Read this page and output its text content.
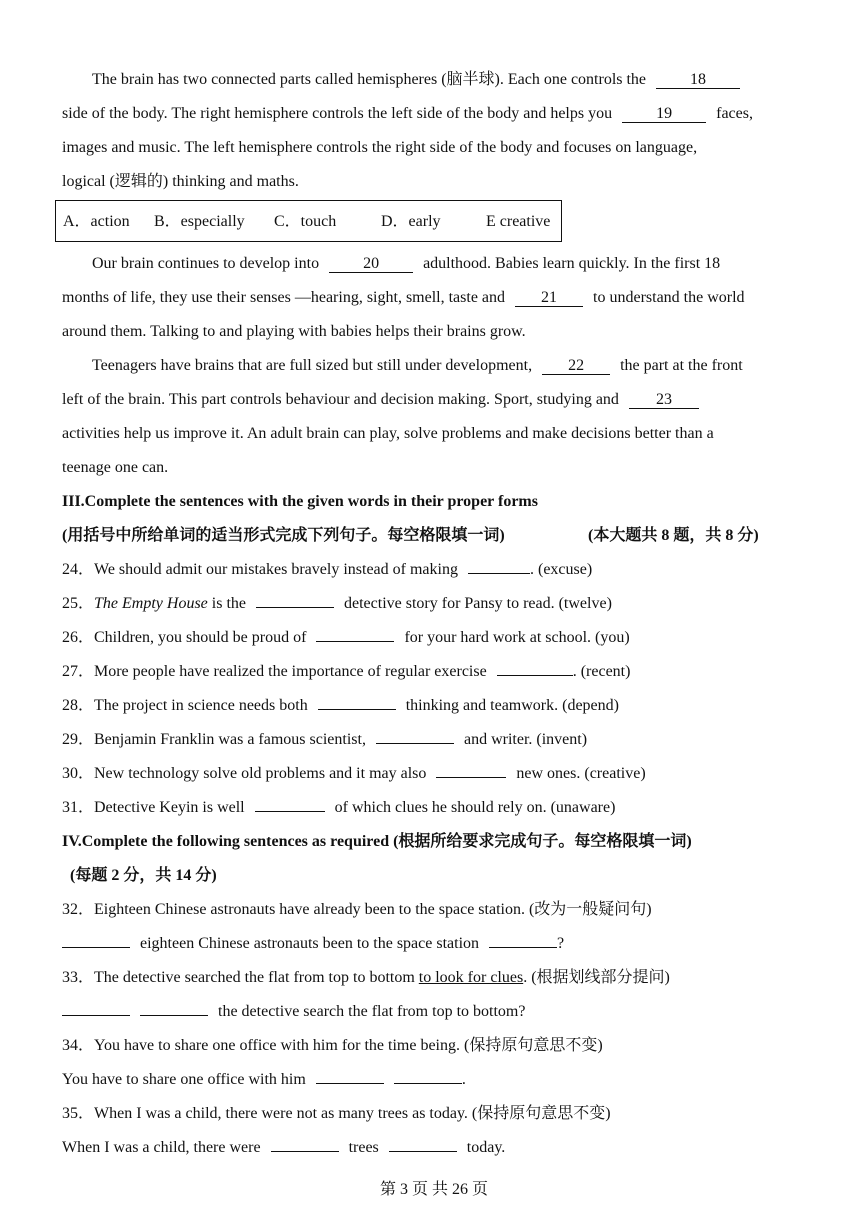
The brain has two connected parts called hemispheres (脑半球). Each one controls the	18
side of the body. The right hemisphere controls the left side of the body and helps you	19	faces,
images and music. The left hemisphere controls the right side of the body and focuses on language,
logical (逻辑的) thinking and maths.
A．action B．especially C．touch	D．early	E creative
Our brain continues to develop into	20	adulthood. Babies learn quickly. In the first 18
months of life, they use their senses —hearing, sight, smell, taste and 21 to understand the world
around them. Talking to and playing with babies helps their brains grow.
Teenagers have brains that are full sized but still under development, 22 the part at the front
left of the brain. This part controls behaviour and decision making. Sport, studying and 23
activities help us improve it. An adult brain can play, solve problems and make decisions better than a
teenage one can.
III.Complete the sentences with the given words in their proper forms
(用括号中所给单词的适当形式完成下列句子。每空格限填一词)	(本大题共 8 题，共 8 分)
24．We should admit our mistakes bravely instead of making	. (excuse)
25．The Empty House is the	detective story for Pansy to read. (twelve)
26．Children, you should be proud of	for your hard work at school. (you)
27．More people have realized the importance of regular exercise	. (recent)
28．The project in science needs both	thinking and teamwork. (depend)
29．Benjamin Franklin was a famous scientist,	and writer. (invent)
30．New technology solve old problems and it may also	new ones. (creative)
31．Detective Keyin is well	of which clues he should rely on. (unaware)
IV.Complete the following sentences as required (根据所给要求完成句子。每空格限填一词)
(每题 2 分，共 14 分)
32．Eighteen Chinese astronauts have already been to the space station. (改为一般疑问句)
eighteen Chinese astronauts been to the space station	?
33．The detective searched the flat from top to bottom to look for clues. (根据划线部分提问)
the detective search the flat from top to bottom?
34．You have to share one office with him for the time being. (保持原句意思不变)
You have to share one office with him	.
35．When I was a child, there were not as many trees as today. (保持原句意思不变)
When I was a child, there were	trees	today.
第 3 页 共 26 页
